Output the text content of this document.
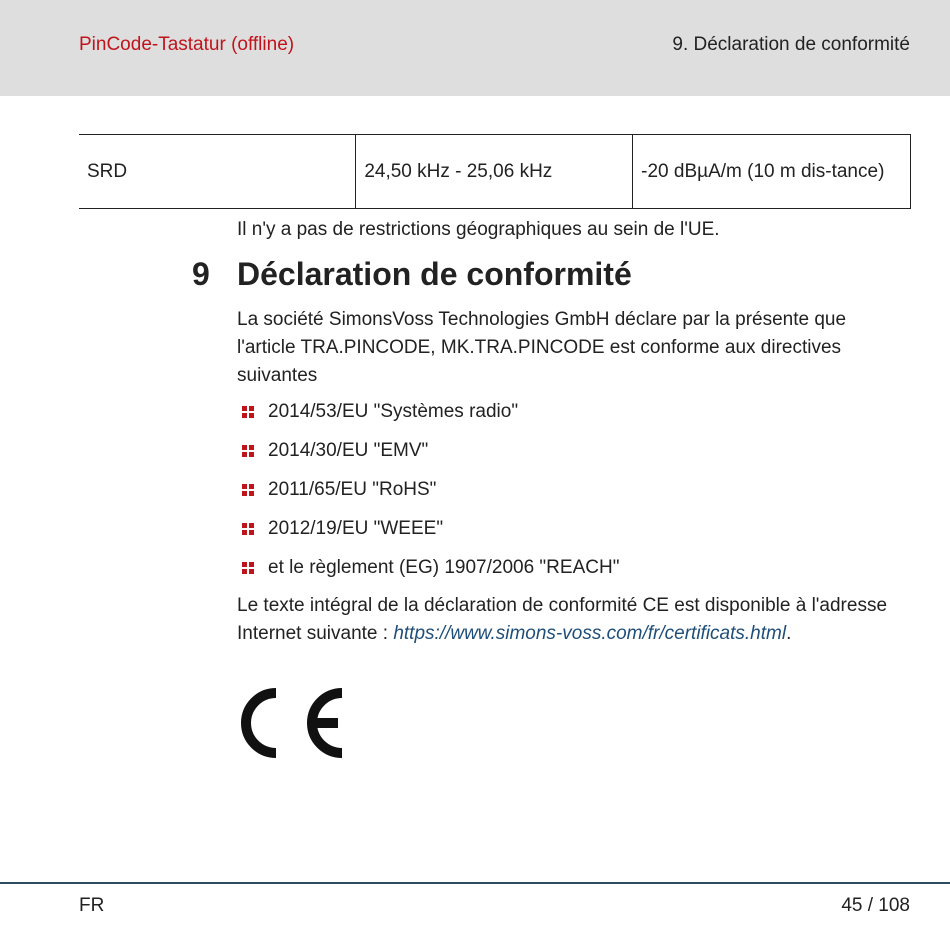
PinCode-Tastatur (offline)	9. Déclaration de conformité
SRD	24,50 kHz - 25,06 kHz	-20 dBµA/m (10 m dis-tance)

Il n'y a pas de restrictions géographiques au sein de l'UE.

9 Déclaration de conformité

La société SimonsVoss Technologies GmbH déclare par la présente que l'article TRA.PINCODE, MK.TRA.PINCODE est conforme aux directives suivantes

2014/53/EU "Systèmes radio"
2014/30/EU "EMV"
2011/65/EU "RoHS"
2012/19/EU "WEEE"
et le règlement (EG) 1907/2006 "REACH"

Le texte intégral de la déclaration de conformité CE est disponible à l'adresse Internet suivante : https://www.simons-voss.com/fr/certificats.html.

FR	45 / 108
